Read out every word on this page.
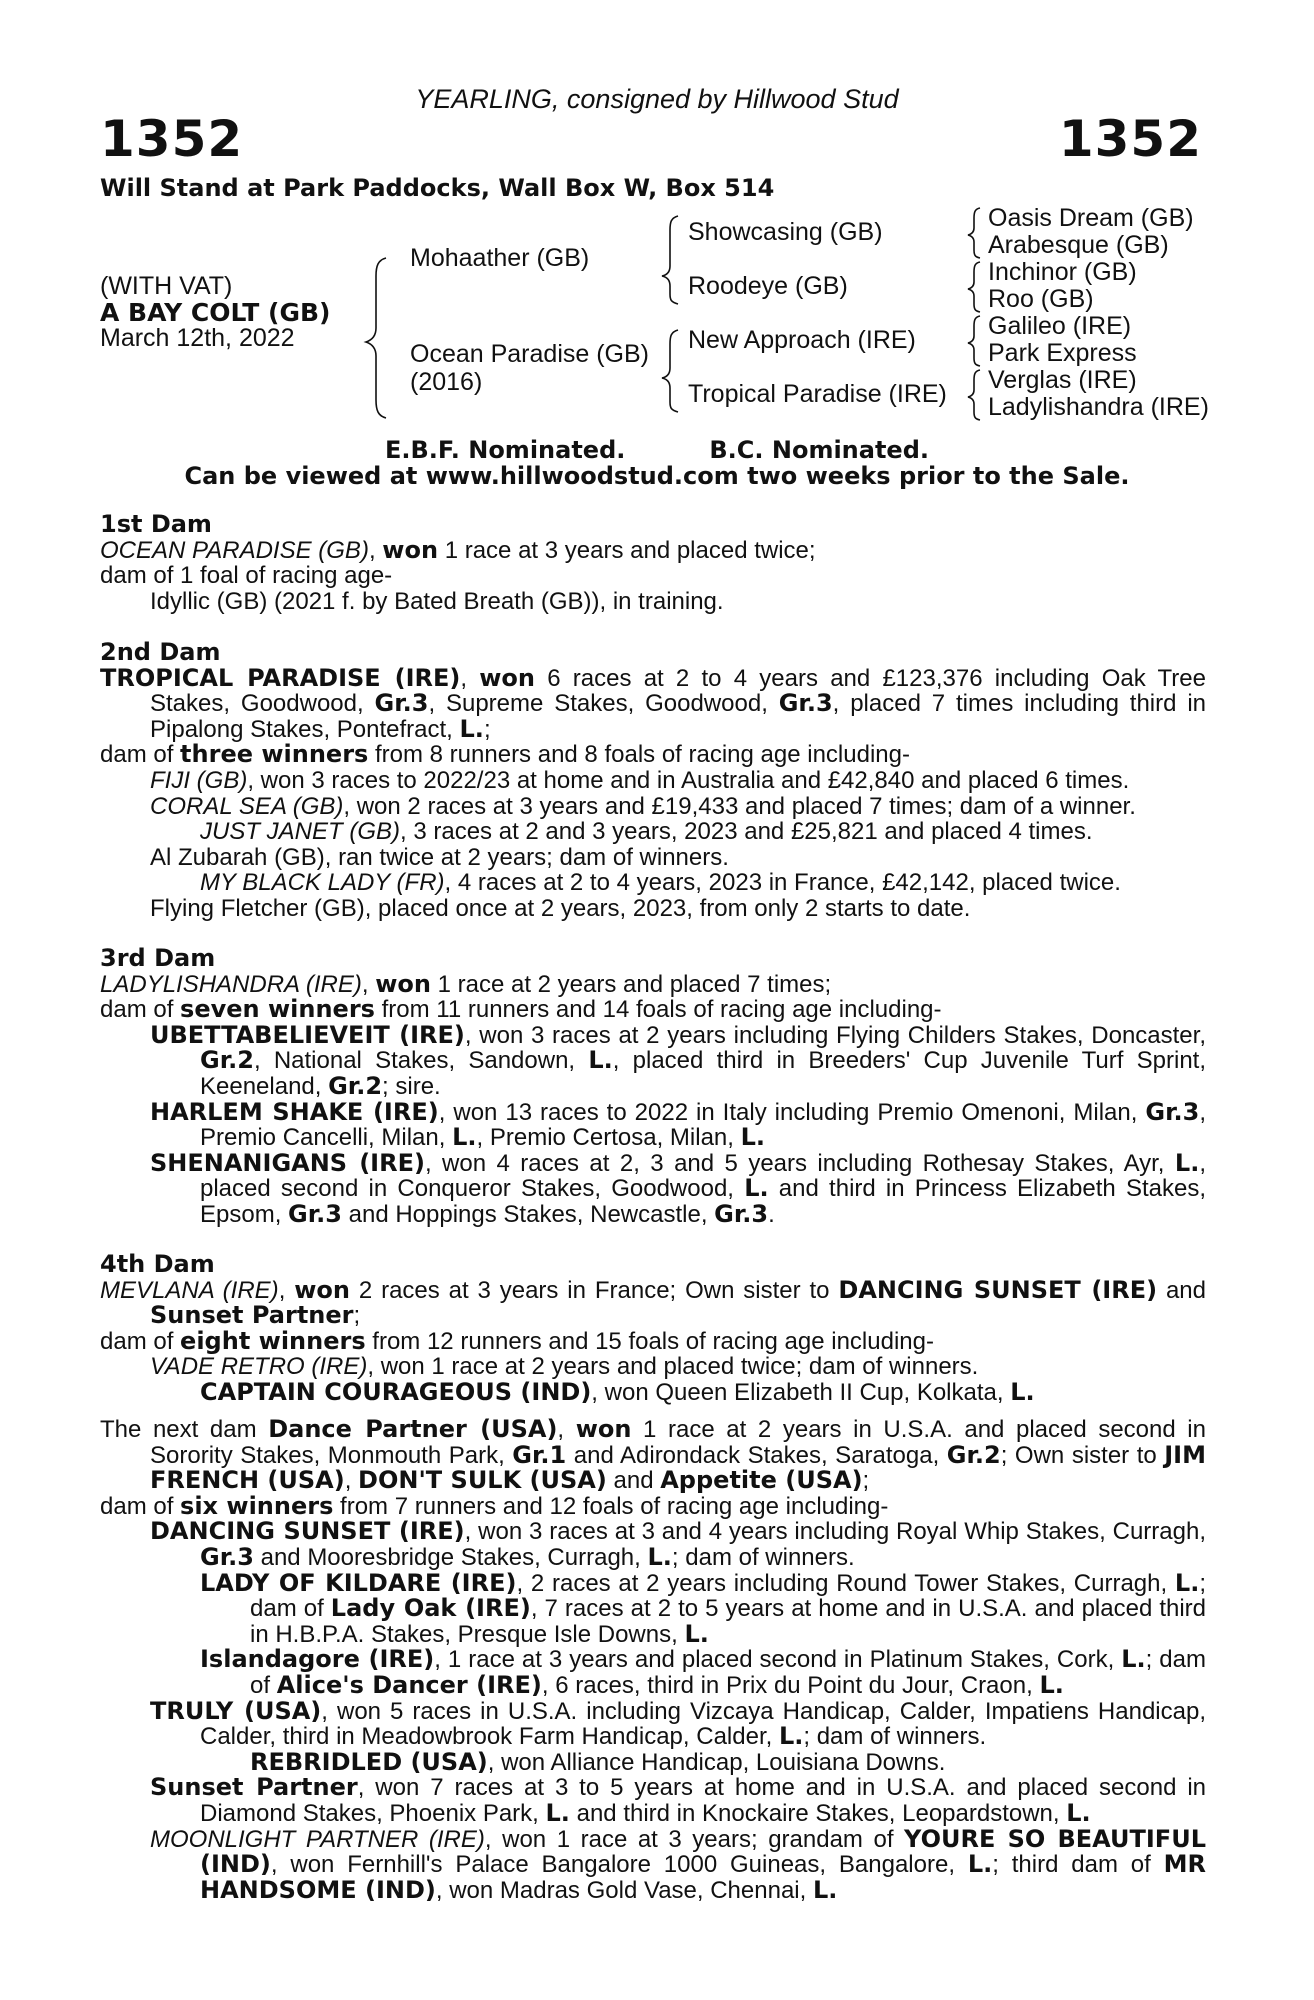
YEARLING, consigned by Hillwood Stud
1352	1352
Will Stand at Park Paddocks, Wall Box W, Box 514
(WITH VAT)
A BAY COLT (GB)
March 12th, 2022
Mohaather (GB)
Ocean Paradise (GB)
(2016)
Showcasing (GB)
Roodeye (GB)
New Approach (IRE)
Tropical Paradise (IRE)
Oasis Dream (GB)
Arabesque (GB)
Inchinor (GB)
Roo (GB)
Galileo (IRE)
Park Express
Verglas (IRE)
Ladylishandra (IRE)
E.B.F. Nominated.	B.C. Nominated.
Can be viewed at www.hillwoodstud.com two weeks prior to the Sale.

1st Dam

OCEAN PARADISE (GB), won 1 race at 3 years and placed twice;

dam of 1 foal of racing age-

Idyllic (GB) (2021 f. by Bated Breath (GB)), in training.

2nd Dam

TROPICAL PARADISE (IRE), won 6 races at 2 to 4 years and £123,376 including Oak Tree Stakes, Goodwood, Gr.3, Supreme Stakes, Goodwood, Gr.3, placed 7 times including third in Pipalong Stakes, Pontefract, L.;

dam of three winners from 8 runners and 8 foals of racing age including-

FIJI (GB), won 3 races to 2022/23 at home and in Australia and £42,840 and placed 6 times.

CORAL SEA (GB), won 2 races at 3 years and £19,433 and placed 7 times; dam of a winner.

JUST JANET (GB), 3 races at 2 and 3 years, 2023 and £25,821 and placed 4 times.

Al Zubarah (GB), ran twice at 2 years; dam of winners.

MY BLACK LADY (FR), 4 races at 2 to 4 years, 2023 in France, £42,142, placed twice.

Flying Fletcher (GB), placed once at 2 years, 2023, from only 2 starts to date.

3rd Dam

LADYLISHANDRA (IRE), won 1 race at 2 years and placed 7 times;

dam of seven winners from 11 runners and 14 foals of racing age including-

UBETTABELIEVEIT (IRE), won 3 races at 2 years including Flying Childers Stakes, Doncaster, Gr.2, National Stakes, Sandown, L., placed third in Breeders' Cup Juvenile Turf Sprint, Keeneland, Gr.2; sire.

HARLEM SHAKE (IRE), won 13 races to 2022 in Italy including Premio Omenoni, Milan, Gr.3, Premio Cancelli, Milan, L., Premio Certosa, Milan, L.

SHENANIGANS (IRE), won 4 races at 2, 3 and 5 years including Rothesay Stakes, Ayr, L., placed second in Conqueror Stakes, Goodwood, L. and third in Princess Elizabeth Stakes, Epsom, Gr.3 and Hoppings Stakes, Newcastle, Gr.3.

4th Dam

MEVLANA (IRE), won 2 races at 3 years in France; Own sister to DANCING SUNSET (IRE) and Sunset Partner;

dam of eight winners from 12 runners and 15 foals of racing age including-

VADE RETRO (IRE), won 1 race at 2 years and placed twice; dam of winners.

CAPTAIN COURAGEOUS (IND), won Queen Elizabeth II Cup, Kolkata, L.

The next dam Dance Partner (USA), won 1 race at 2 years in U.S.A. and placed second in Sorority Stakes, Monmouth Park, Gr.1 and Adirondack Stakes, Saratoga, Gr.2; Own sister to JIM FRENCH (USA), DON'T SULK (USA) and Appetite (USA);

dam of six winners from 7 runners and 12 foals of racing age including-

DANCING SUNSET (IRE), won 3 races at 3 and 4 years including Royal Whip Stakes, Curragh, Gr.3 and Mooresbridge Stakes, Curragh, L.; dam of winners.

LADY OF KILDARE (IRE), 2 races at 2 years including Round Tower Stakes, Curragh, L.; dam of Lady Oak (IRE), 7 races at 2 to 5 years at home and in U.S.A. and placed third in H.B.P.A. Stakes, Presque Isle Downs, L.

Islandagore (IRE), 1 race at 3 years and placed second in Platinum Stakes, Cork, L.; dam of Alice's Dancer (IRE), 6 races, third in Prix du Point du Jour, Craon, L.

TRULY (USA), won 5 races in U.S.A. including Vizcaya Handicap, Calder, Impatiens Handicap, Calder, third in Meadowbrook Farm Handicap, Calder, L.; dam of winners.

REBRIDLED (USA), won Alliance Handicap, Louisiana Downs.

Sunset Partner, won 7 races at 3 to 5 years at home and in U.S.A. and placed second in Diamond Stakes, Phoenix Park, L. and third in Knockaire Stakes, Leopardstown, L.

MOONLIGHT PARTNER (IRE), won 1 race at 3 years; grandam of YOURE SO BEAUTIFUL (IND), won Fernhill's Palace Bangalore 1000 Guineas, Bangalore, L.; third dam of MR HANDSOME (IND), won Madras Gold Vase, Chennai, L.
